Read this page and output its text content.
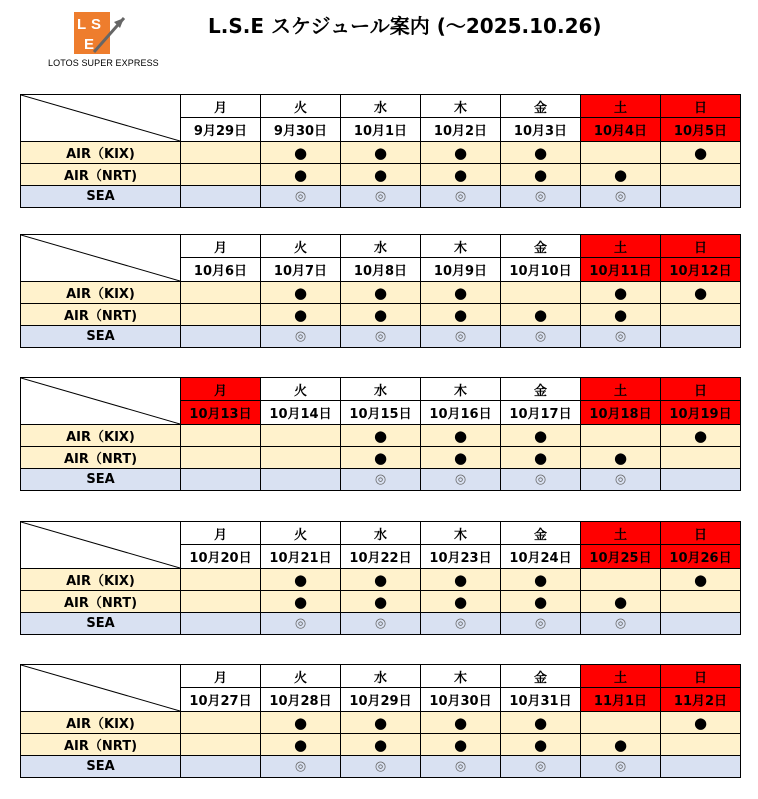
L S
E
LOTOS SUPER EXPRESS
L.S.E スケジュール案内 (～2025.10.26)
	月	火	水	木	金	土	日
	9月29日	9月30日	10月1日	10月2日	10月3日	10月4日	10月5日
AIR（KIX)		●	●	●	●		●
AIR（NRT)		●	●	●	●	●	
SEA		◎	◎	◎	◎	◎	
	月	火	水	木	金	土	日
	10月6日	10月7日	10月8日	10月9日	10月10日	10月11日	10月12日
AIR（KIX)		●	●	●		●	●
AIR（NRT)		●	●	●	●	●	
SEA		◎	◎	◎	◎	◎	
	月	火	水	木	金	土	日
	10月13日	10月14日	10月15日	10月16日	10月17日	10月18日	10月19日
AIR（KIX)			●	●	●		●
AIR（NRT)			●	●	●	●	
SEA			◎	◎	◎	◎	
	月	火	水	木	金	土	日
	10月20日	10月21日	10月22日	10月23日	10月24日	10月25日	10月26日
AIR（KIX)		●	●	●	●		●
AIR（NRT)		●	●	●	●	●	
SEA		◎	◎	◎	◎	◎	
	月	火	水	木	金	土	日
	10月27日	10月28日	10月29日	10月30日	10月31日	11月1日	11月2日
AIR（KIX)		●	●	●	●		●
AIR（NRT)		●	●	●	●	●	
SEA		◎	◎	◎	◎	◎	
